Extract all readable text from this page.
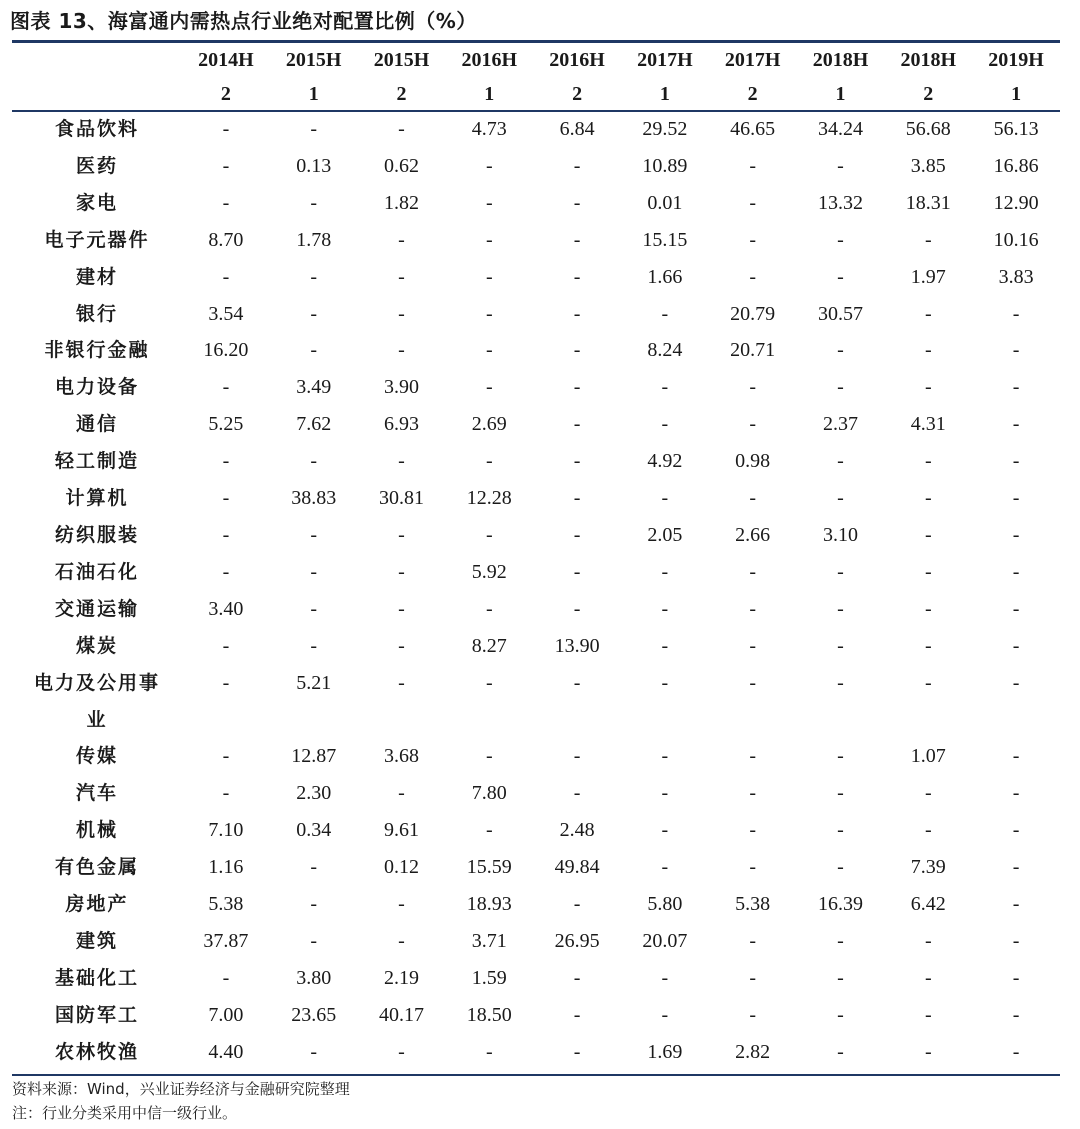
图表 13、海富通内需热点行业绝对配置比例（%）
	2014H	2015H	2015H	2016H	2016H	2017H	2017H	2018H	2018H	2019H
	2	1	2	1	2	1	2	1	2	1
食品饮料	-	-	-	4.73	6.84	29.52	46.65	34.24	56.68	56.13
医药	-	0.13	0.62	-	-	10.89	-	-	3.85	16.86
家电	-	-	1.82	-	-	0.01	-	13.32	18.31	12.90
电子元器件	8.70	1.78	-	-	-	15.15	-	-	-	10.16
建材	-	-	-	-	-	1.66	-	-	1.97	3.83
银行	3.54	-	-	-	-	-	20.79	30.57	-	-
非银行金融	16.20	-	-	-	-	8.24	20.71	-	-	-
电力设备	-	3.49	3.90	-	-	-	-	-	-	-
通信	5.25	7.62	6.93	2.69	-	-	-	2.37	4.31	-
轻工制造	-	-	-	-	-	4.92	0.98	-	-	-
计算机	-	38.83	30.81	12.28	-	-	-	-	-	-
纺织服装	-	-	-	-	-	2.05	2.66	3.10	-	-
石油石化	-	-	-	5.92	-	-	-	-	-	-
交通运输	3.40	-	-	-	-	-	-	-	-	-
煤炭	-	-	-	8.27	13.90	-	-	-	-	-
电力及公用事	-	5.21	-	-	-	-	-	-	-	-
业										
传媒	-	12.87	3.68	-	-	-	-	-	1.07	-
汽车	-	2.30	-	7.80	-	-	-	-	-	-
机械	7.10	0.34	9.61	-	2.48	-	-	-	-	-
有色金属	1.16	-	0.12	15.59	49.84	-	-	-	7.39	-
房地产	5.38	-	-	18.93	-	5.80	5.38	16.39	6.42	-
建筑	37.87	-	-	3.71	26.95	20.07	-	-	-	-
基础化工	-	3.80	2.19	1.59	-	-	-	-	-	-
国防军工	7.00	23.65	40.17	18.50	-	-	-	-	-	-
农林牧渔	4.40	-	-	-	-	1.69	2.82	-	-	-
资料来源：Wind，兴业证券经济与金融研究院整理
注：行业分类采用中信一级行业。
